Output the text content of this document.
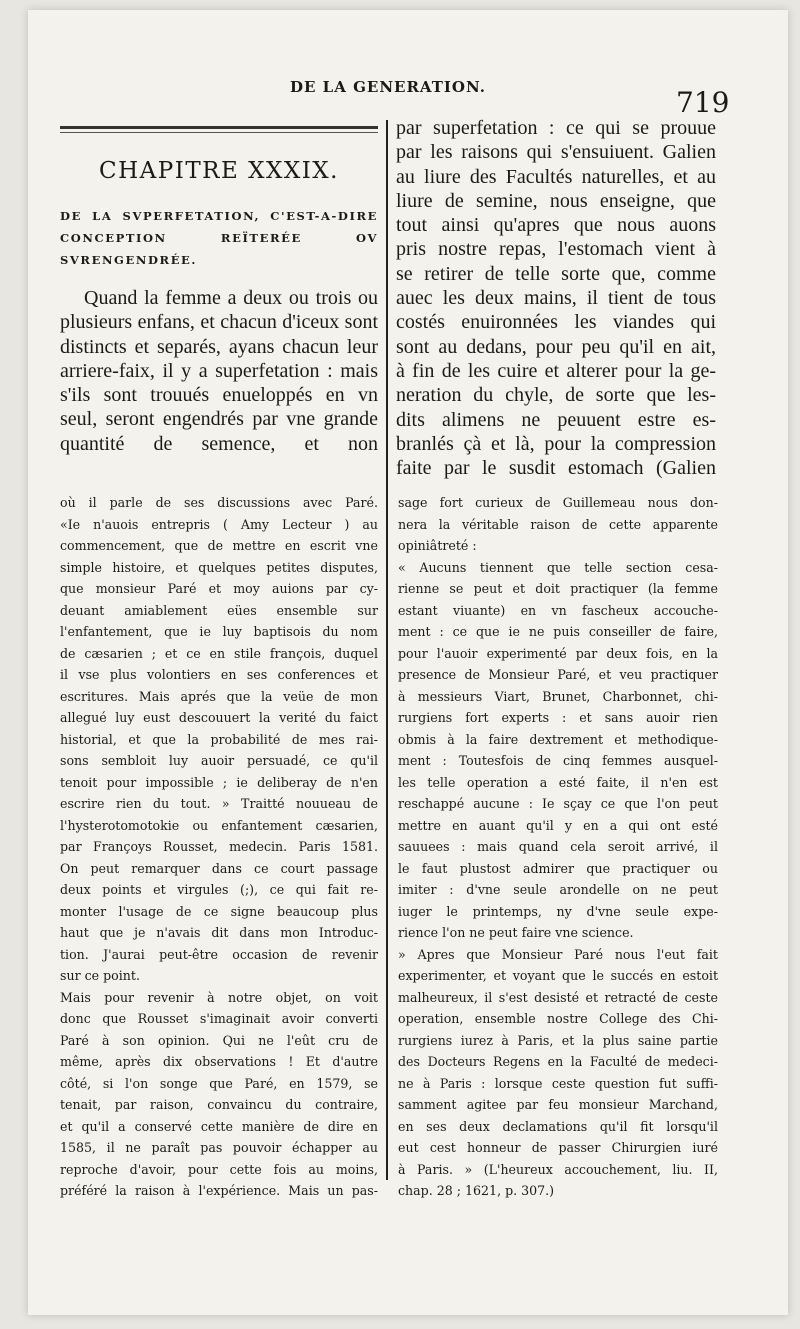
DE LA GENERATION.	719
CHAPITRE XXXIX.
DE LA SVPERFETATION, C'EST-A-DIRE CONCEPTION REÏTERÉE OV SVRENGENDRÉE.
Quand la femme a deux ou trois ou plusieurs enfans, et chacun d'iceux sont distincts et separés, ayans chacun leur arriere-faix, il y a superfetation : mais s'ils sont trouués enueloppés en vn seul, seront engendrés par vne grande quantité de semence, et non
par superfetation : ce qui se prouue
par les raisons qui s'ensuiuent. Galien
au liure des Facultés naturelles, et au
liure de semine, nous enseigne, que
tout ainsi qu'apres que nous auons
pris nostre repas, l'estomach vient à
se retirer de telle sorte que, comme
auec les deux mains, il tient de tous
costés enuironnées les viandes qui
sont au dedans, pour peu qu'il en ait,
à fin de les cuire et alterer pour la ge-
neration du chyle, de sorte que les-
dits alimens ne peuuent estre es-
branlés çà et là, pour la compression
faite par le susdit estomach (Galien
où il parle de ses discussions avec Paré.
«Ie n'auois entrepris ( Amy Lecteur ) au
commencement, que de mettre en escrit vne
simple histoire, et quelques petites disputes,
que monsieur Paré et moy auions par cy-
deuant amiablement eües ensemble sur
l'enfantement, que ie luy baptisois du nom
de cæsarien ; et ce en stile françois, duquel
il vse plus volontiers en ses conferences et
escritures. Mais aprés que la veüe de mon
allegué luy eust descouuert la verité du faict
historial, et que la probabilité de mes rai-
sons sembloit luy auoir persuadé, ce qu'il
tenoit pour impossible ; ie deliberay de n'en
escrire rien du tout. » Traitté nouueau de
l'hysterotomotokie ou enfantement cæsarien,
par Françoys Rousset, medecin. Paris 1581.
On peut remarquer dans ce court passage
deux points et virgules (;), ce qui fait re-
monter l'usage de ce signe beaucoup plus
haut que je n'avais dit dans mon Introduc-
tion. J'aurai peut-être occasion de revenir
sur ce point.
Mais pour revenir à notre objet, on voit
donc que Rousset s'imaginait avoir converti
Paré à son opinion. Qui ne l'eût cru de
même, après dix observations ! Et d'autre
côté, si l'on songe que Paré, en 1579, se
tenait, par raison, convaincu du contraire,
et qu'il a conservé cette manière de dire en
1585, il ne paraît pas pouvoir échapper au
reproche d'avoir, pour cette fois au moins,
préféré la raison à l'expérience. Mais un pas-
sage fort curieux de Guillemeau nous don-
nera la véritable raison de cette apparente
opiniâtreté :
« Aucuns tiennent que telle section cesa-
rienne se peut et doit practiquer (la femme
estant viuante) en vn fascheux accouche-
ment : ce que ie ne puis conseiller de faire,
pour l'auoir experimenté par deux fois, en la
presence de Monsieur Paré, et veu practiquer
à messieurs Viart, Brunet, Charbonnet, chi-
rurgiens fort experts : et sans auoir rien
obmis à la faire dextrement et methodique-
ment : Toutesfois de cinq femmes ausquel-
les telle operation a esté faite, il n'en est
reschappé aucune : Ie sçay ce que l'on peut
mettre en auant qu'il y en a qui ont esté
sauuees : mais quand cela seroit arrivé, il
le faut plustost admirer que practiquer ou
imiter : d'vne seule arondelle on ne peut
iuger le printemps, ny d'vne seule expe-
rience l'on ne peut faire vne science.
» Apres que Monsieur Paré nous l'eut fait
experimenter, et voyant que le succés en estoit
malheureux, il s'est desisté et retracté de ceste
operation, ensemble nostre College des Chi-
rurgiens iurez à Paris, et la plus saine partie
des Docteurs Regens en la Faculté de medeci-
ne à Paris : lorsque ceste question fut suffi-
samment agitee par feu monsieur Marchand,
en ses deux declamations qu'il fit lorsqu'il
eut cest honneur de passer Chirurgien iuré
à Paris. » (L'heureux accouchement, liu. II,
chap. 28 ; 1621, p. 307.)
